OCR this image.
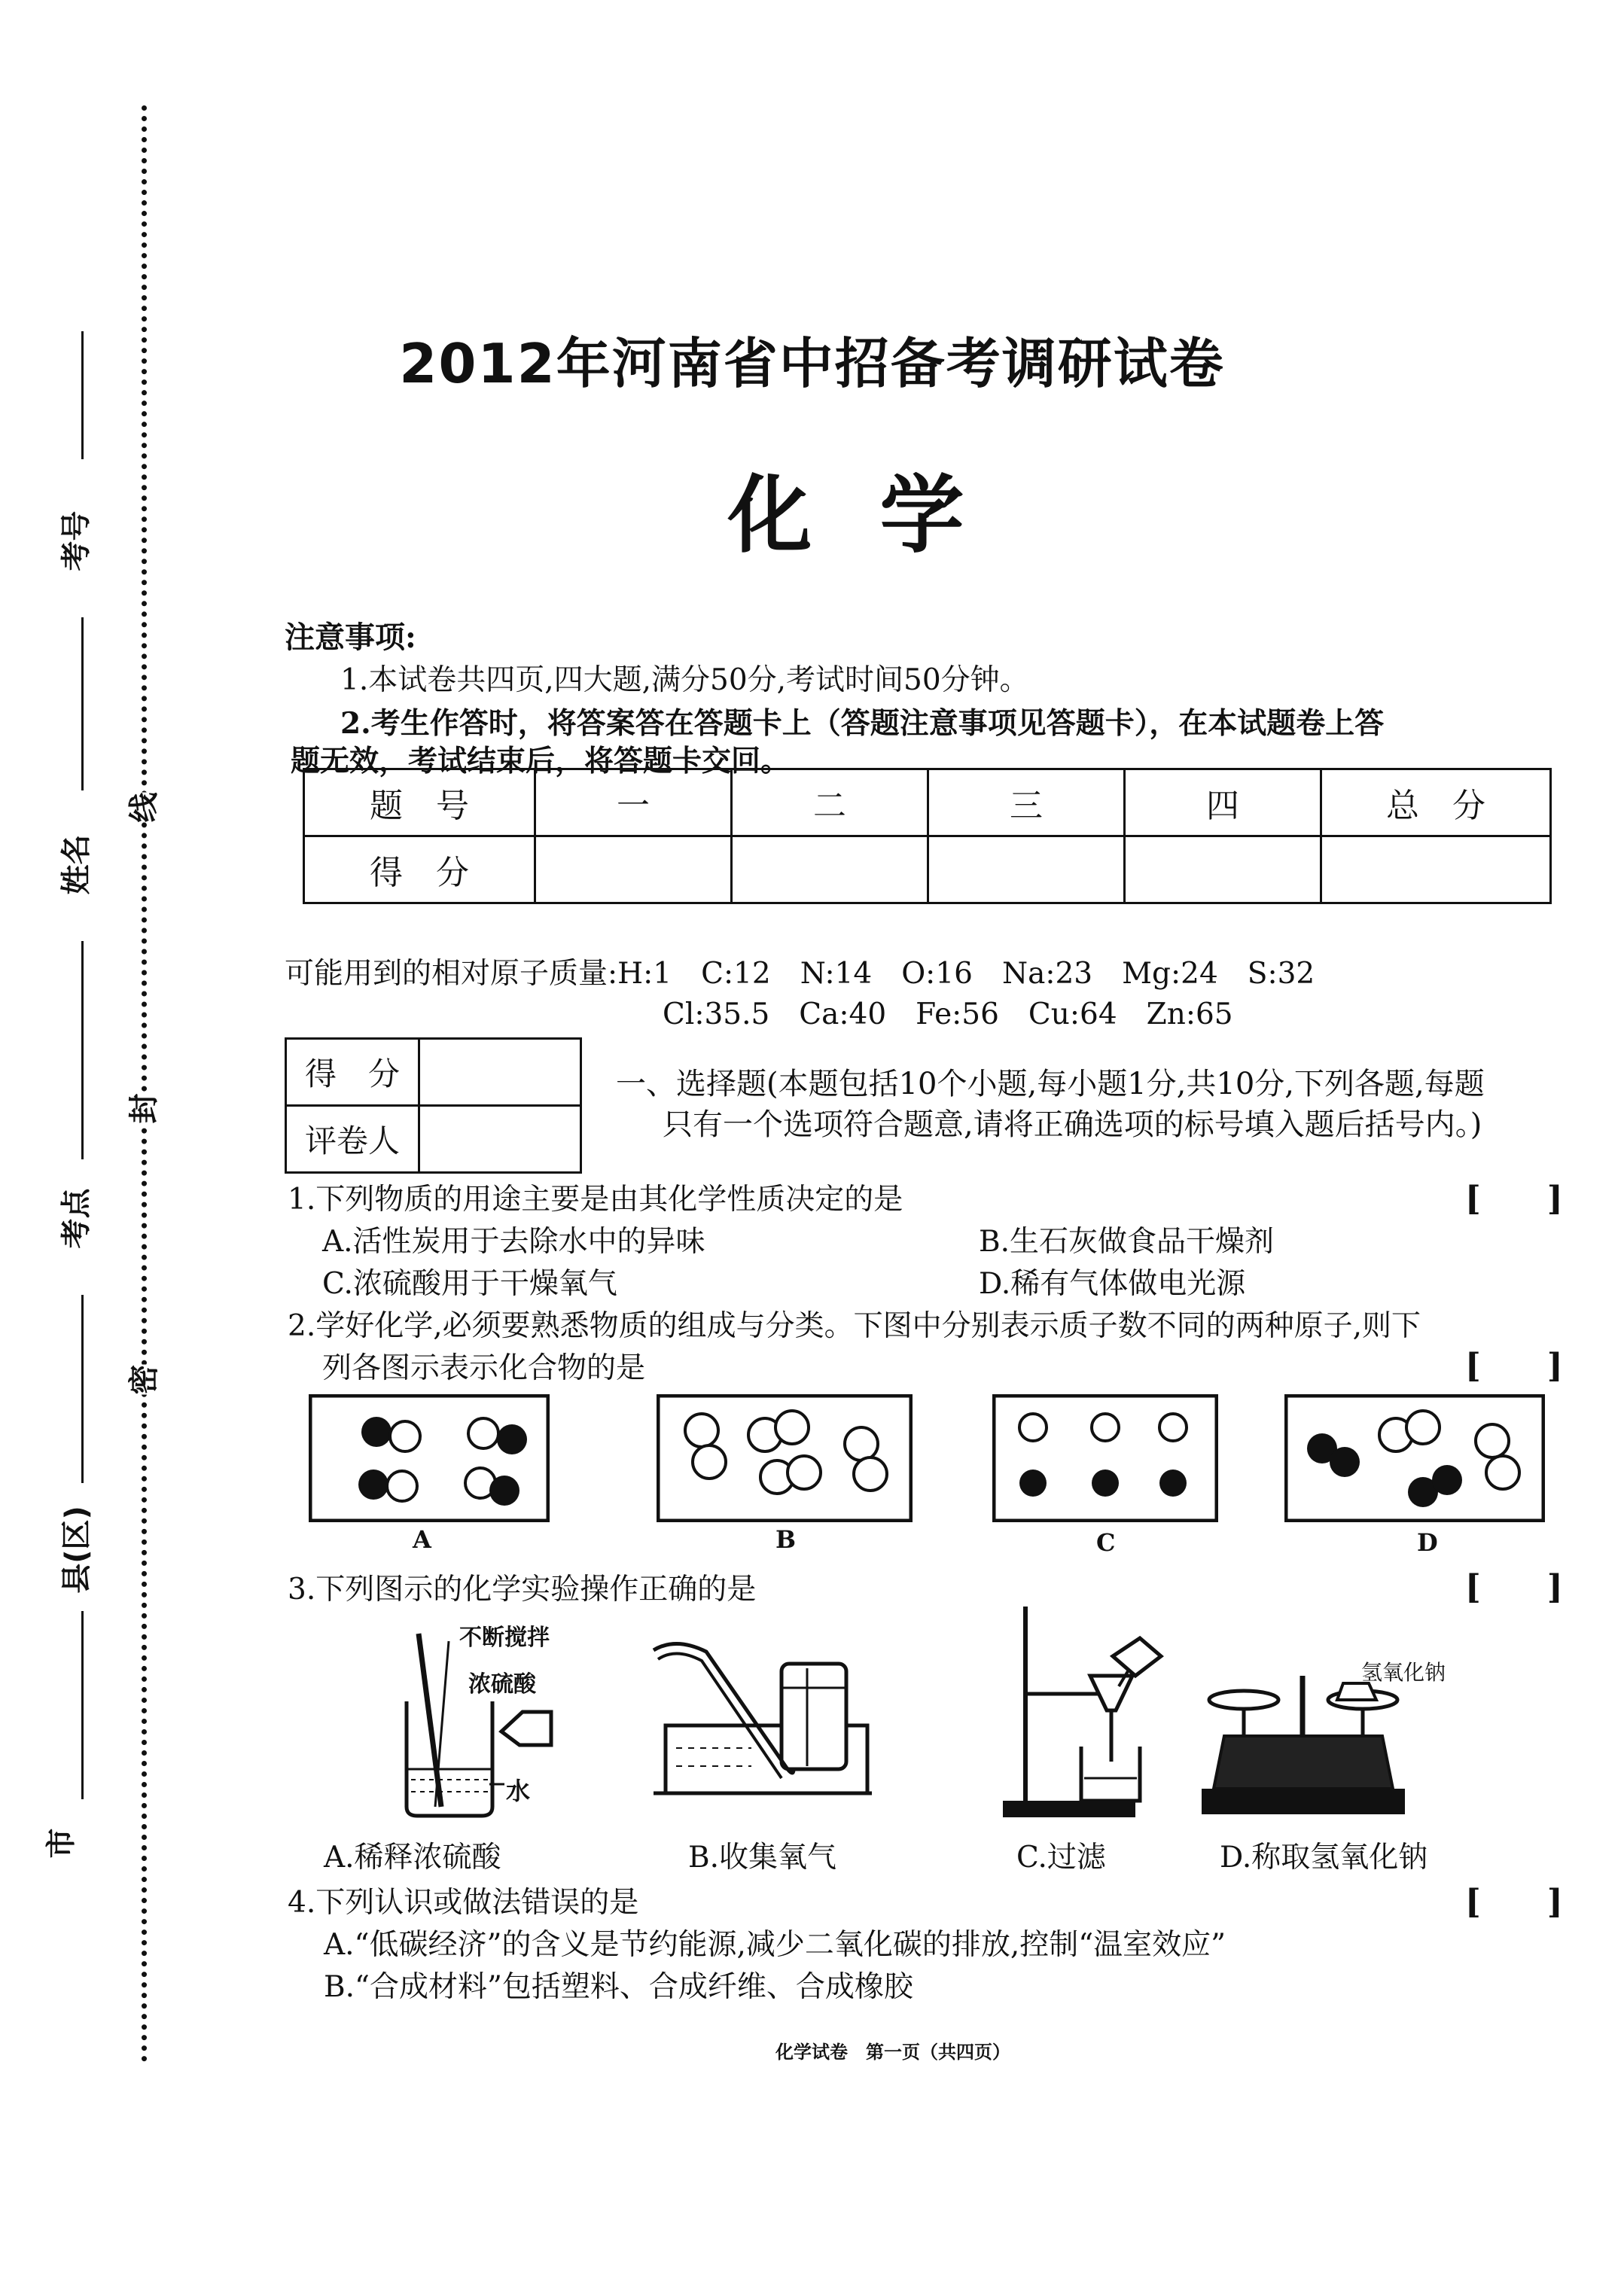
考号
姓名
考点
县(区)
市
线
封
密
2012年河南省中招备考调研试卷
化学
注意事项:
1.本试卷共四页,四大题,满分50分,考试时间50分钟。
2.考生作答时，将答案答在答题卡上（答题注意事项见答题卡），在本试题卷上答
题无效，考试结束后，将答题卡交回。
题　号	一	二	三	四	总　分
得　分					
可能用到的相对原子质量:H:1　C:12　N:14　O:16　Na:23　Mg:24　S:32
Cl:35.5　Ca:40　Fe:56　Cu:64　Zn:65
得　分	
评卷人	
一、选择题(本题包括10个小题,每小题1分,共10分,下列各题,每题
只有一个选项符合题意,请将正确选项的标号填入题后括号内。)
1.下列物质的用途主要是由其化学性质决定的是	[　　]
A.活性炭用于去除水中的异味	B.生石灰做食品干燥剂
C.浓硫酸用于干燥氧气	D.稀有气体做电光源
2.学好化学,必须要熟悉物质的组成与分类。下图中分别表示质子数不同的两种原子,则下
列各图示表示化合物的是	[　　]
A	B	C	D
3.下列图示的化学实验操作正确的是	[　　]
不断搅拌
浓硫酸
水
氢氧化钠
A.稀释浓硫酸	B.收集氧气	C.过滤	D.称取氢氧化钠
4.下列认识或做法错误的是	[　　]
A.“低碳经济”的含义是节约能源,减少二氧化碳的排放,控制“温室效应”
B.“合成材料”包括塑料、合成纤维、合成橡胶
化学试卷　第一页（共四页）
